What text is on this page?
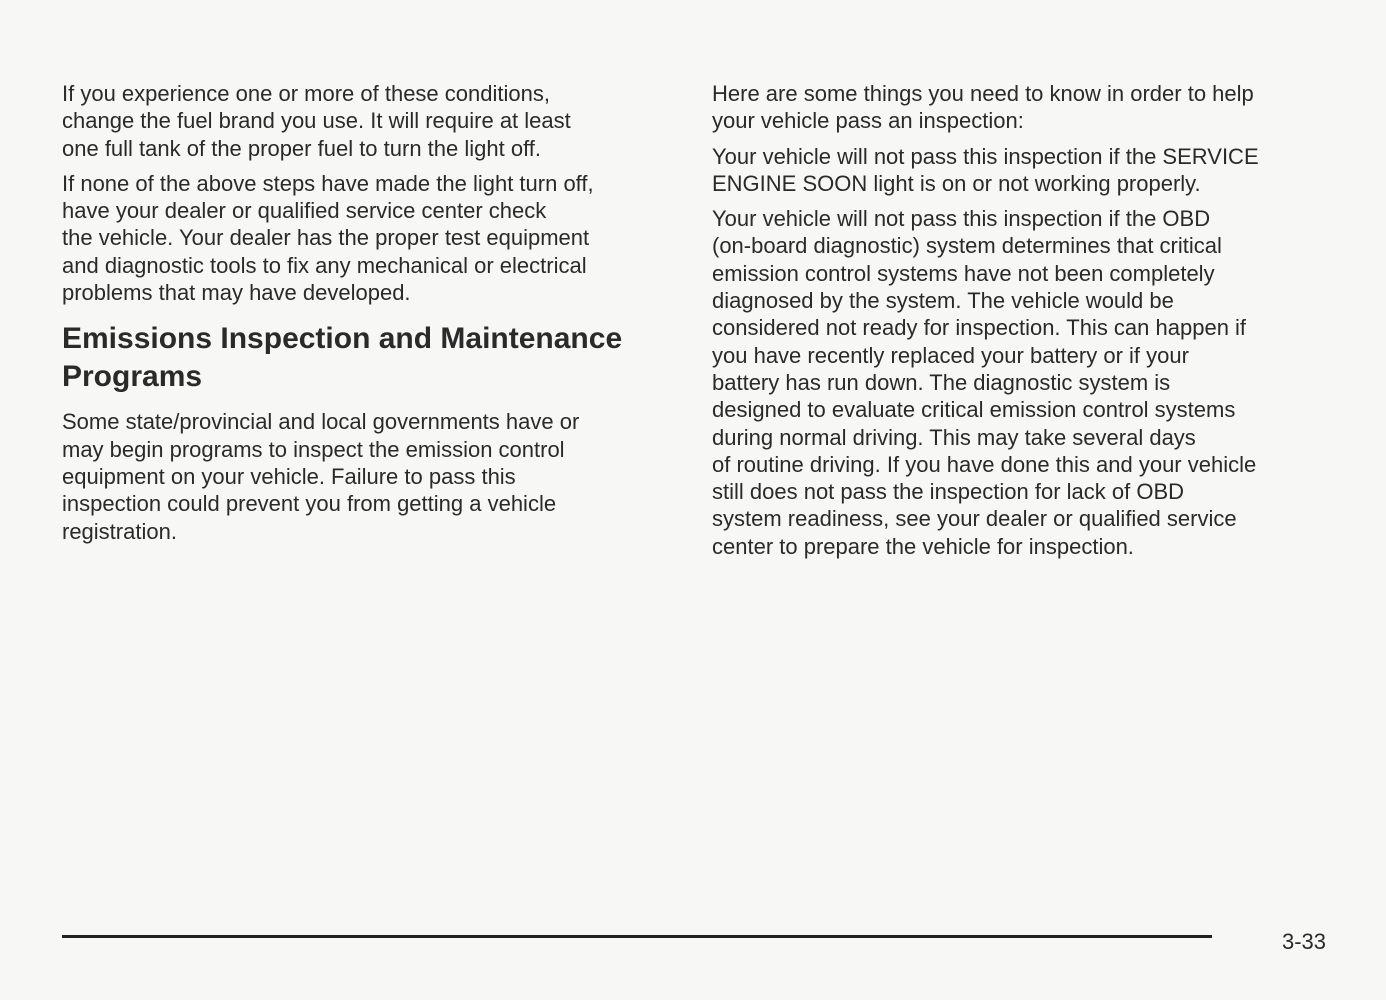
If you experience one or more of these conditions,
change the fuel brand you use. It will require at least
one full tank of the proper fuel to turn the light off.

If none of the above steps have made the light turn off,
have your dealer or qualified service center check
the vehicle. Your dealer has the proper test equipment
and diagnostic tools to fix any mechanical or electrical
problems that may have developed.

Emissions Inspection and Maintenance
Programs

Some state/provincial and local governments have or
may begin programs to inspect the emission control
equipment on your vehicle. Failure to pass this
inspection could prevent you from getting a vehicle
registration.

Here are some things you need to know in order to help
your vehicle pass an inspection:

Your vehicle will not pass this inspection if the SERVICE
ENGINE SOON light is on or not working properly.

Your vehicle will not pass this inspection if the OBD
(on-board diagnostic) system determines that critical
emission control systems have not been completely
diagnosed by the system. The vehicle would be
considered not ready for inspection. This can happen if
you have recently replaced your battery or if your
battery has run down. The diagnostic system is
designed to evaluate critical emission control systems
during normal driving. This may take several days
of routine driving. If you have done this and your vehicle
still does not pass the inspection for lack of OBD
system readiness, see your dealer or qualified service
center to prepare the vehicle for inspection.

3-33
